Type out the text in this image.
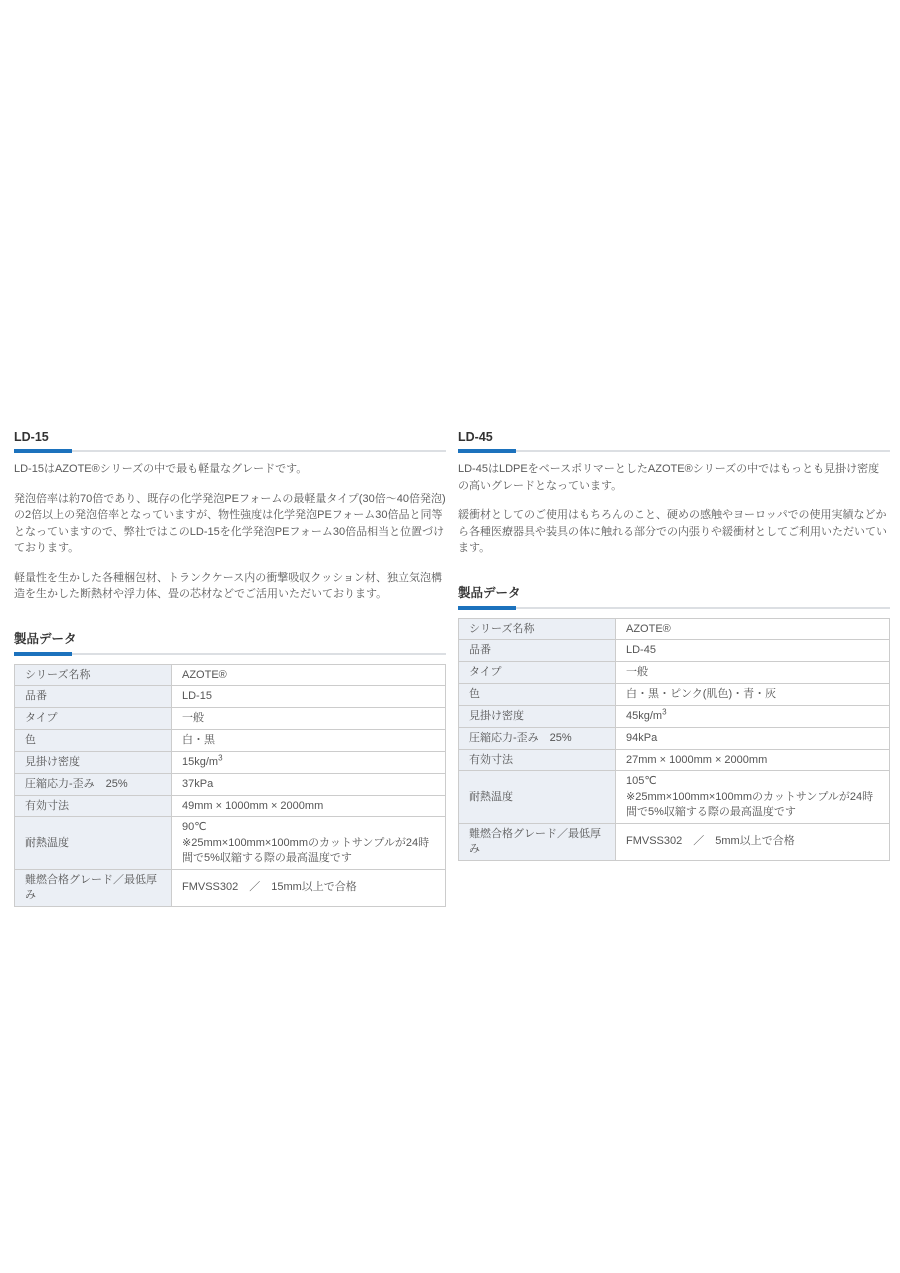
LD-15

LD-15はAZOTE®シリーズの中で最も軽量なグレードです。

発泡倍率は約70倍であり、既存の化学発泡PEフォームの最軽量タイプ(30倍～40倍発泡)の2倍以上の発泡倍率となっていますが、物性強度は化学発泡PEフォーム30倍品と同等となっていますので、弊社ではこのLD-15を化学発泡PEフォーム30倍品相当と位置づけております。

軽量性を生かした各種梱包材、トランクケース内の衝撃吸収クッション材、独立気泡構造を生かした断熱材や浮力体、畳の芯材などでご活用いただいております。

製品データ
シリーズ名称	AZOTE®
品番	LD-15
タイプ	一般
色	白・黒
見掛け密度	$15kg/m^3$
圧縮応力-歪み　25%	37kPa
有効寸法	49mm × 1000mm × 2000mm
耐熱温度	90℃
※25mm×100mm×100mmのカットサンプルが24時間で5%収縮する際の最高温度です

難燃合格グレード／最低厚み	FMVSS302　／　15mm以上で合格
LD-45

LD-45はLDPEをベースポリマーとしたAZOTE®シリーズの中ではもっとも見掛け密度の高いグレードとなっています。

緩衝材としてのご使用はもちろんのこと、硬めの感触やヨーロッパでの使用実績などから各種医療器具や装具の体に触れる部分での内張りや緩衝材としてご利用いただいています。

製品データ
シリーズ名称	AZOTE®
品番	LD-45
タイプ	一般
色	白・黒・ピンク(肌色)・青・灰
見掛け密度	$45kg/m^3$
圧縮応力-歪み　25%	94kPa
有効寸法	27mm × 1000mm × 2000mm
耐熱温度	105℃
※25mm×100mm×100mmのカットサンプルが24時間で5%収縮する際の最高温度です

難燃合格グレード／最低厚み	FMVSS302　／　5mm以上で合格
